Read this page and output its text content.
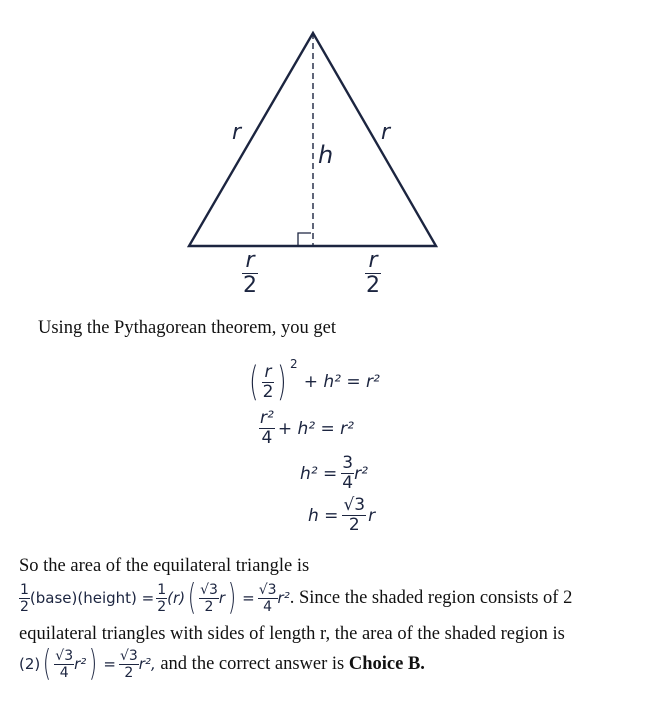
r	r
h
$\frac{r}{2}$	$\frac{r}{2}$
Using the Pythagorean theorem, you get
( $\frac{r}{2}$ ) 2
+ h² = r²
$\frac{\text{r²}}{4} + h^2 = r^2$
$h^2 = \frac{3}{4} r^2$
$h = \frac{√3}{2}$ r
So the area of the equilateral triangle is
$\frac{1}{2}$ (base)(height) = $\frac{1}{2} (r)$ ( $\frac{√3}{2}$ r ) = $\frac{√3}{4} r^2$ . Since the shaded region consists of 2
equilateral triangles with sides of length r, the area of the shaded region is
(2) ( $\frac{√3}{4} r^2$ ) = $\frac{√3}{2} r^2$, and the correct answer is Choice B.
